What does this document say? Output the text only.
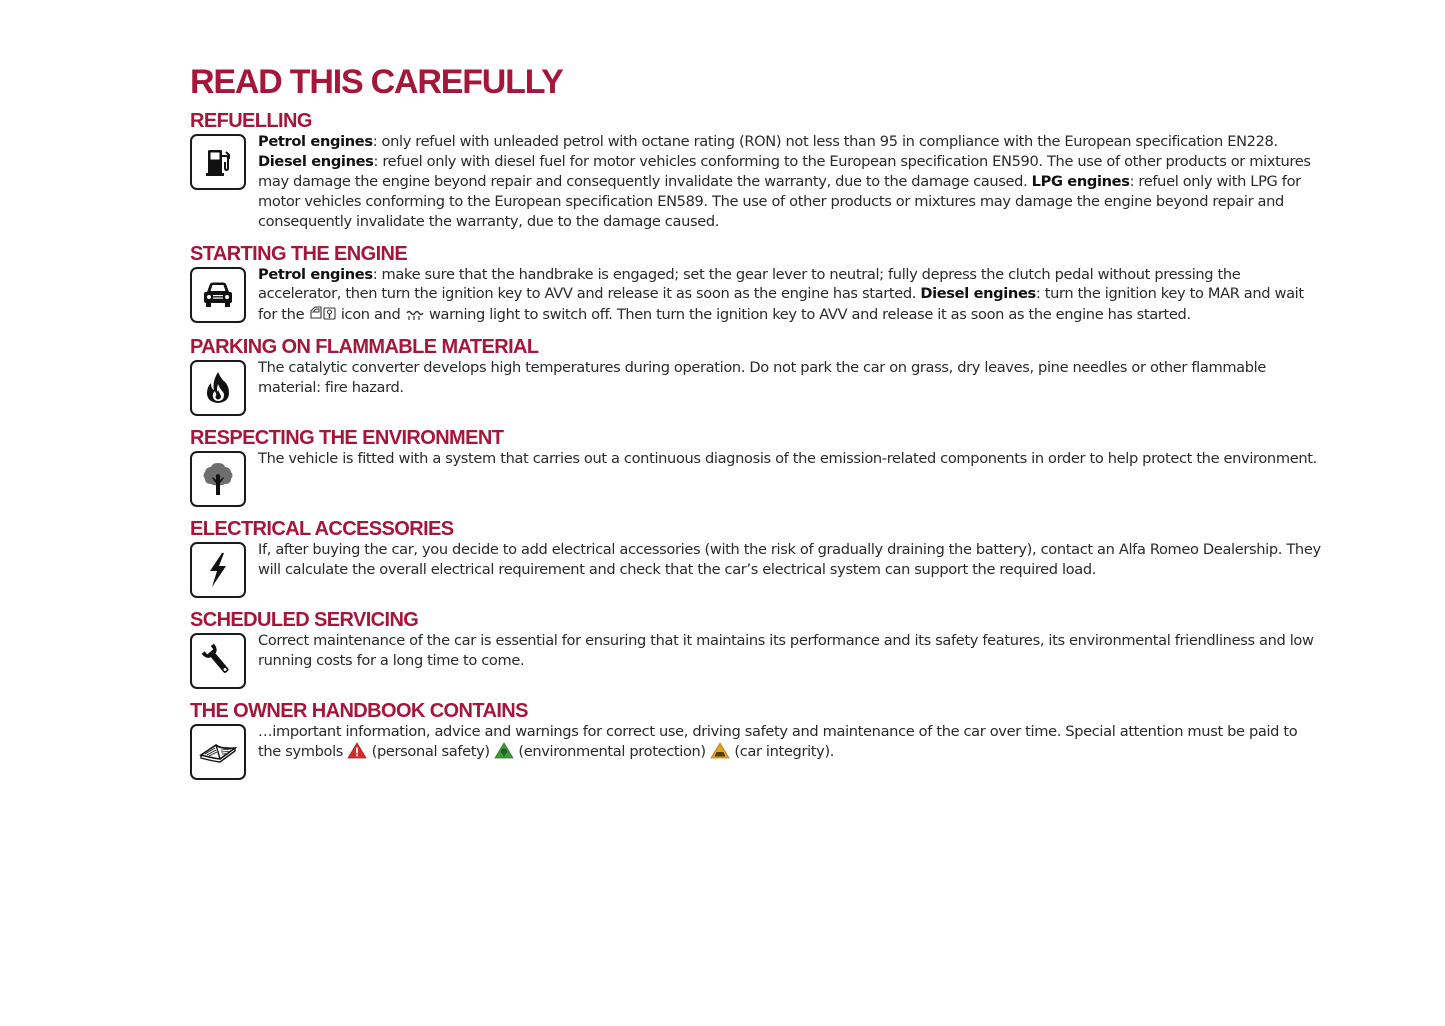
READ THIS CAREFULLY
REFUELLING

Petrol engines: only refuel with unleaded petrol with octane rating (RON) not less than 95 in compliance with the European specification EN228.
Diesel engines: refuel only with diesel fuel for motor vehicles conforming to the European specification EN590. The use of other products or mixtures may damage the engine beyond repair and consequently invalidate the warranty, due to the damage caused. LPG engines: refuel only with LPG for motor vehicles conforming to the European specification EN589. The use of other products or mixtures may damage the engine beyond repair and consequently invalidate the warranty, due to the damage caused.

STARTING THE ENGINE

Petrol engines: make sure that the handbrake is engaged; set the gear lever to neutral; fully depress the clutch pedal without pressing the accelerator, then turn the ignition key to AVV and release it as soon as the engine has started. Diesel engines: turn the ignition key to MAR and wait for the	icon and warning light to switch off. Then turn the ignition key to AVV and release it as soon as the engine has started.

PARKING ON FLAMMABLE MATERIAL

The catalytic converter develops high temperatures during operation. Do not park the car on grass, dry leaves, pine needles or other flammable material: fire hazard.

RESPECTING THE ENVIRONMENT

The vehicle is fitted with a system that carries out a continuous diagnosis of the emission-related components in order to help protect the environment.

ELECTRICAL ACCESSORIES

If, after buying the car, you decide to add electrical accessories (with the risk of gradually draining the battery), contact an Alfa Romeo Dealership. They will calculate the overall electrical requirement and check that the car’s electrical system can support the required load.

SCHEDULED SERVICING

Correct maintenance of the car is essential for ensuring that it maintains its performance and its safety features, its environmental friendliness and low running costs for a long time to come.

THE OWNER HANDBOOK CONTAINS

…important information, advice and warnings for correct use, driving safety and maintenance of the car over time. Special attention must be paid to the symbols (personal safety) (environmental protection) (car integrity).
